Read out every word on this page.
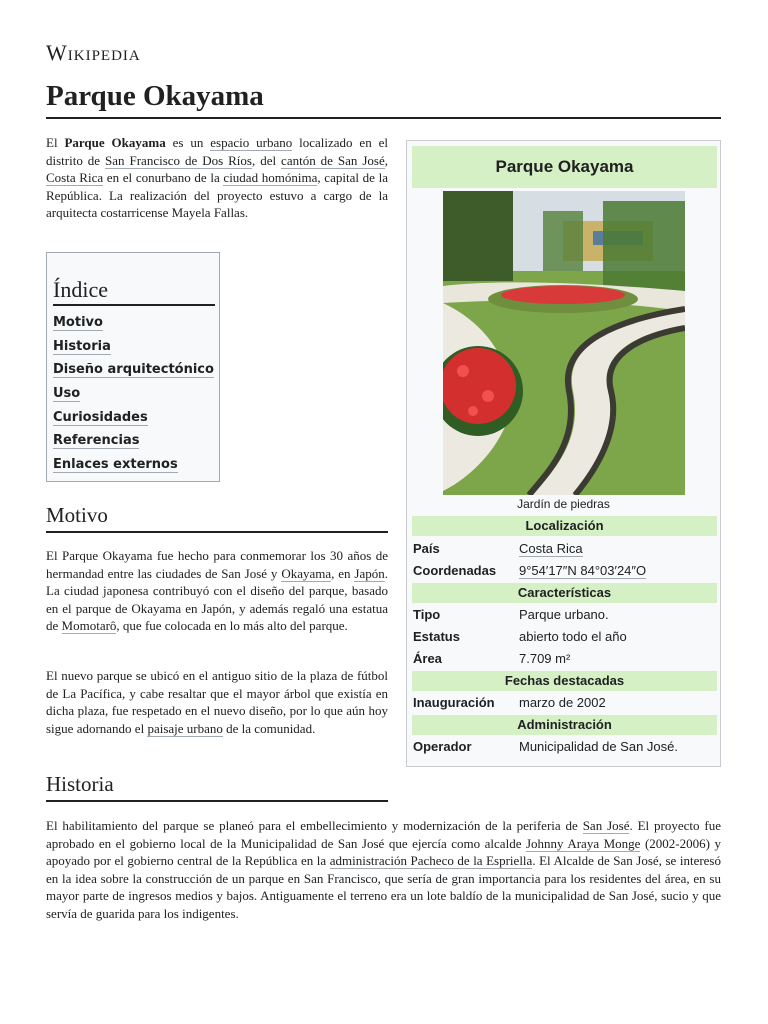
Wikipedia
Parque Okayama
El Parque Okayama es un espacio urbano localizado en el distrito de San Francisco de Dos Ríos, del cantón de San José, Costa Rica en el conurbano de la ciudad homónima, capital de la República. La realización del proyecto estuvo a cargo de la arquitecta costarricense Mayela Fallas.
Índice
Motivo
Historia
Diseño arquitectónico
Uso
Curiosidades
Referencias
Enlaces externos
Motivo
El Parque Okayama fue hecho para conmemorar los 30 años de hermandad entre las ciudades de San José y Okayama, en Japón. La ciudad japonesa contribuyó con el diseño del parque, basado en el parque de Okayama en Japón, y además regaló una estatua de Momotarô, que fue colocada en lo más alto del parque.
El nuevo parque se ubicó en el antiguo sitio de la plaza de fútbol de La Pacífica, y cabe resaltar que el mayor árbol que existía en dicha plaza, fue respetado en el nuevo diseño, por lo que aún hoy sigue adornando el paisaje urbano de la comunidad.
Historia
El habilitamiento del parque se planeó para el embellecimiento y modernización de la periferia de San José. El proyecto fue aprobado en el gobierno local de la Municipalidad de San José que ejercía como alcalde Johnny Araya Monge (2002-2006) y apoyado por el gobierno central de la República en la administración Pacheco de la Espriella. El Alcalde de San José, se interesó en la idea sobre la construcción de un parque en San Francisco, que sería de gran importancia para los residentes del área, en su mayor parte de ingresos medios y bajos. Antiguamente el terreno era un lote baldío de la municipalidad de San José, sucio y que servía de guarida para los indigentes.
Parque Okayama
Jardín de piedras
Localización
País	Costa Rica
Coordenadas 9°54′17″N 84°03′24″O
Características
Tipo	Parque urbano.
Estatus	abierto todo el año
Área	7.709 m²
Fechas destacadas
Inauguración marzo de 2002
Administración
Operador	Municipalidad de San José.
